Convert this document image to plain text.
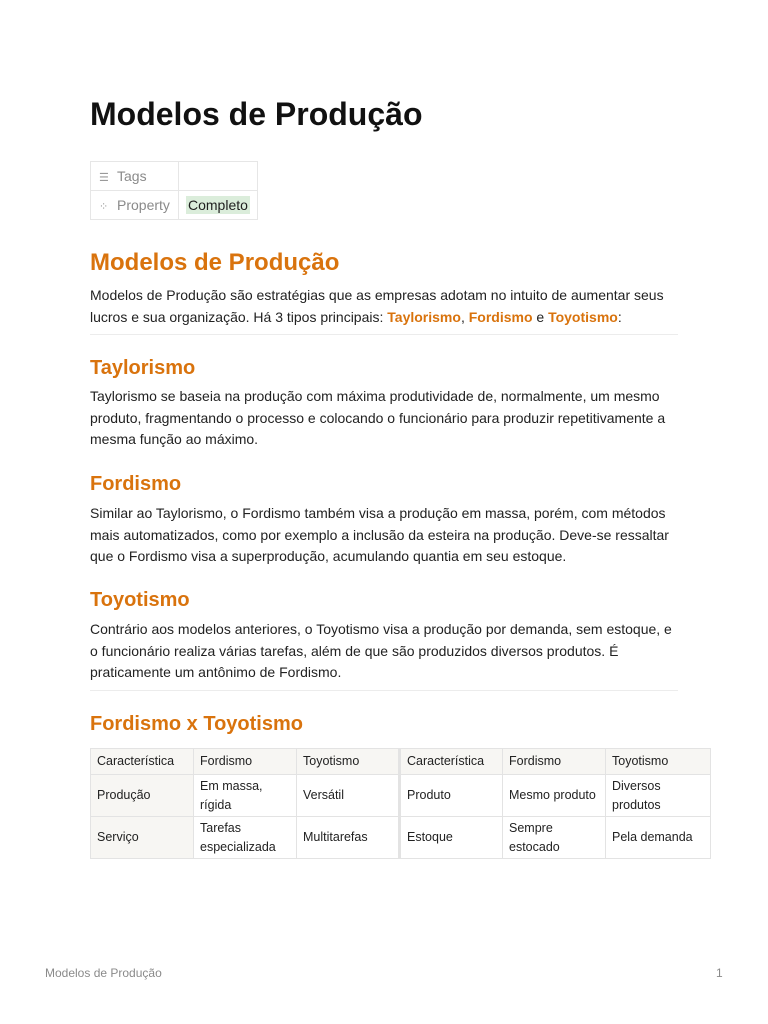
Modelos de Produção
☰ Tags	
⁘ Property	Completo
Modelos de Produção

Modelos de Produção são estratégias que as empresas adotam no intuito de aumentar seus lucros e sua organização. Há 3 tipos principais: Taylorismo, Fordismo e Toyotismo:

Taylorismo

Taylorismo se baseia na produção com máxima produtividade de, normalmente, um mesmo produto, fragmentando o processo e colocando o funcionário para produzir repetitivamente a mesma função ao máximo.

Fordismo

Similar ao Taylorismo, o Fordismo também visa a produção em massa, porém, com métodos mais automatizados, como por exemplo a inclusão da esteira na produção. Deve-se ressaltar que o Fordismo visa a superprodução, acumulando quantia em seu estoque.

Toyotismo

Contrário aos modelos anteriores, o Toyotismo visa a produção por demanda, sem estoque, e o funcionário realiza várias tarefas, além de que são produzidos diversos produtos. É praticamente um antônimo de Fordismo.

Fordismo x Toyotismo
Característica	Fordismo	Toyotismo	Característica	Fordismo	Toyotismo
Produção	Em massa, rígida	Versátil	Produto	Mesmo produto	Diversos produtos
Serviço	Tarefas especializada	Multitarefas	Estoque	Sempre estocado	Pela demanda
Modelos de Produção	1
